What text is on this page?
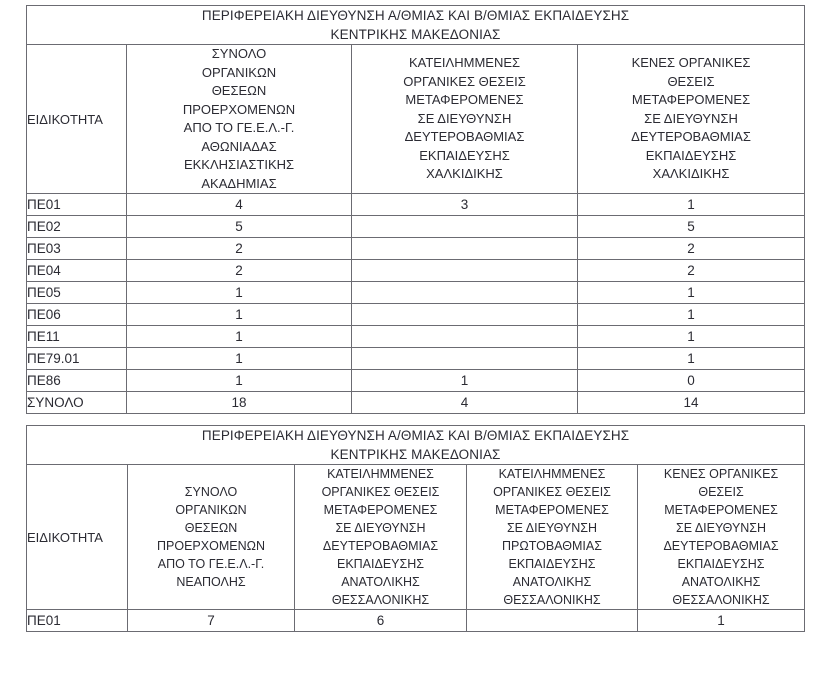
ΠΕΡΙΦΕΡΕΙΑΚΗ ΔΙΕΥΘΥΝΣΗ Α/ΘΜΙΑΣ ΚΑΙ Β/ΘΜΙΑΣ ΕΚΠΑΙΔΕΥΣΗΣ
ΚΕΝΤΡΙΚΗΣ ΜΑΚΕΔΟΝΙΑΣ			

ΕΙΔΙΚΟΤΗΤΑ	
ΣΥΝΟΛΟ
ΟΡΓΑΝΙΚΩΝ
ΘΕΣΕΩΝ
ΠΡΟΕΡΧΟΜΕΝΩΝ
ΑΠΟ ΤΟ ΓΕ.Ε.Λ.-Γ.
ΑΘΩΝΙΑΔΑΣ
ΕΚΚΛΗΣΙΑΣΤΙΚΗΣ
ΑΚΑΔΗΜΙΑΣ

ΚΑΤΕΙΛΗΜΜΕΝΕΣ
ΟΡΓΑΝΙΚΕΣ ΘΕΣΕΙΣ
ΜΕΤΑΦΕΡΟΜΕΝΕΣ
ΣΕ ΔΙΕΥΘΥΝΣΗ
ΔΕΥΤΕΡΟΒΑΘΜΙΑΣ
ΕΚΠΑΙΔΕΥΣΗΣ
ΧΑΛΚΙΔΙΚΗΣ

ΚΕΝΕΣ ΟΡΓΑΝΙΚΕΣ
ΘΕΣΕΙΣ
ΜΕΤΑΦΕΡΟΜΕΝΕΣ
ΣΕ ΔΙΕΥΘΥΝΣΗ
ΔΕΥΤΕΡΟΒΑΘΜΙΑΣ
ΕΚΠΑΙΔΕΥΣΗΣ
ΧΑΛΚΙΔΙΚΗΣ

ΠΕ01	4	3	1
ΠΕ02	5		5
ΠΕ03	2		2
ΠΕ04	2		2
ΠΕ05	1		1
ΠΕ06	1		1
ΠΕ11	1		1
ΠΕ79.01	1		1
ΠΕ86	1	1	0
ΣΥΝΟΛΟ	18	4	14
ΠΕΡΙΦΕΡΕΙΑΚΗ ΔΙΕΥΘΥΝΣΗ Α/ΘΜΙΑΣ ΚΑΙ Β/ΘΜΙΑΣ ΕΚΠΑΙΔΕΥΣΗΣ
ΚΕΝΤΡΙΚΗΣ ΜΑΚΕΔΟΝΙΑΣ				

ΕΙΔΙΚΟΤΗΤΑ	
ΣΥΝΟΛΟ
ΟΡΓΑΝΙΚΩΝ
ΘΕΣΕΩΝ
ΠΡΟΕΡΧΟΜΕΝΩΝ
ΑΠΟ ΤΟ ΓΕ.Ε.Λ.-Γ.
ΝΕΑΠΟΛΗΣ

ΚΑΤΕΙΛΗΜΜΕΝΕΣ
ΟΡΓΑΝΙΚΕΣ ΘΕΣΕΙΣ
ΜΕΤΑΦΕΡΟΜΕΝΕΣ
ΣΕ ΔΙΕΥΘΥΝΣΗ
ΔΕΥΤΕΡΟΒΑΘΜΙΑΣ
ΕΚΠΑΙΔΕΥΣΗΣ
ΑΝΑΤΟΛΙΚΗΣ
ΘΕΣΣΑΛΟΝΙΚΗΣ

ΚΑΤΕΙΛΗΜΜΕΝΕΣ
ΟΡΓΑΝΙΚΕΣ ΘΕΣΕΙΣ
ΜΕΤΑΦΕΡΟΜΕΝΕΣ
ΣΕ ΔΙΕΥΘΥΝΣΗ
ΠΡΩΤΟΒΑΘΜΙΑΣ
ΕΚΠΑΙΔΕΥΣΗΣ
ΑΝΑΤΟΛΙΚΗΣ
ΘΕΣΣΑΛΟΝΙΚΗΣ

ΚΕΝΕΣ ΟΡΓΑΝΙΚΕΣ
ΘΕΣΕΙΣ
ΜΕΤΑΦΕΡΟΜΕΝΕΣ
ΣΕ ΔΙΕΥΘΥΝΣΗ
ΔΕΥΤΕΡΟΒΑΘΜΙΑΣ
ΕΚΠΑΙΔΕΥΣΗΣ
ΑΝΑΤΟΛΙΚΗΣ
ΘΕΣΣΑΛΟΝΙΚΗΣ

ΠΕ01	7	6		1
